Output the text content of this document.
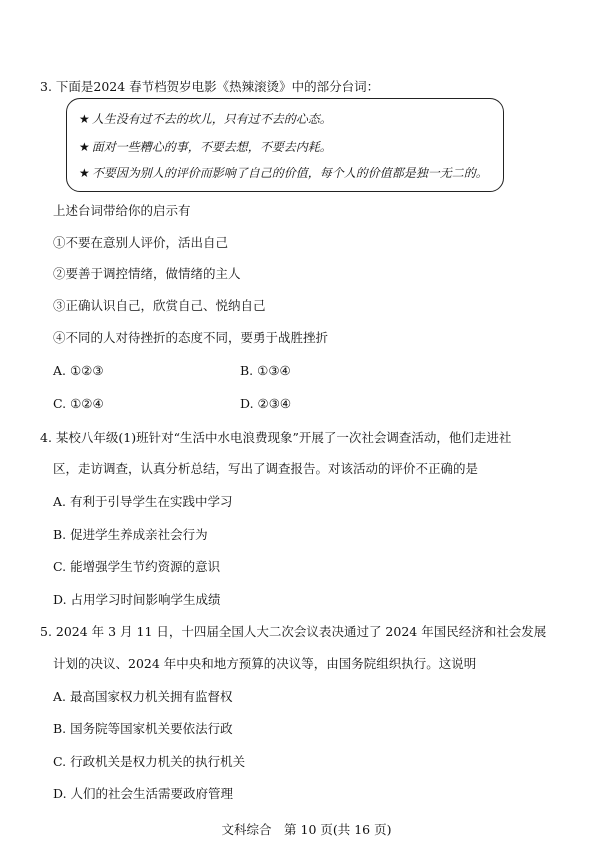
3. 下面是2024 春节档贺岁电影《热辣滚烫》中的部分台词：
★ 人生没有过不去的坎儿，只有过不去的心态。
★ 面对一些糟心的事，不要去想，不要去内耗。
★ 不要因为别人的评价而影响了自己的价值，每个人的价值都是独一无二的。
上述台词带给你的启示有
①不要在意别人评价，活出自己
②要善于调控情绪，做情绪的主人
③正确认识自己，欣赏自己、悦纳自己
④不同的人对待挫折的态度不同，要勇于战胜挫折
A. ①②③	B. ①③④
C. ①②④	D. ②③④
4. 某校八年级(1)班针对“生活中水电浪费现象”开展了一次社会调查活动，他们走进社
区，走访调查，认真分析总结，写出了调查报告。对该活动的评价不正确的是
A. 有利于引导学生在实践中学习
B. 促进学生养成亲社会行为
C. 能增强学生节约资源的意识
D. 占用学习时间影响学生成绩
5. 2024 年 3 月 11 日，十四届全国人大二次会议表决通过了 2024 年国民经济和社会发展
计划的决议、2024 年中央和地方预算的决议等，由国务院组织执行。这说明
A. 最高国家权力机关拥有监督权
B. 国务院等国家机关要依法行政
C. 行政机关是权力机关的执行机关
D. 人们的社会生活需要政府管理
文科综合　第 10 页(共 16 页)
